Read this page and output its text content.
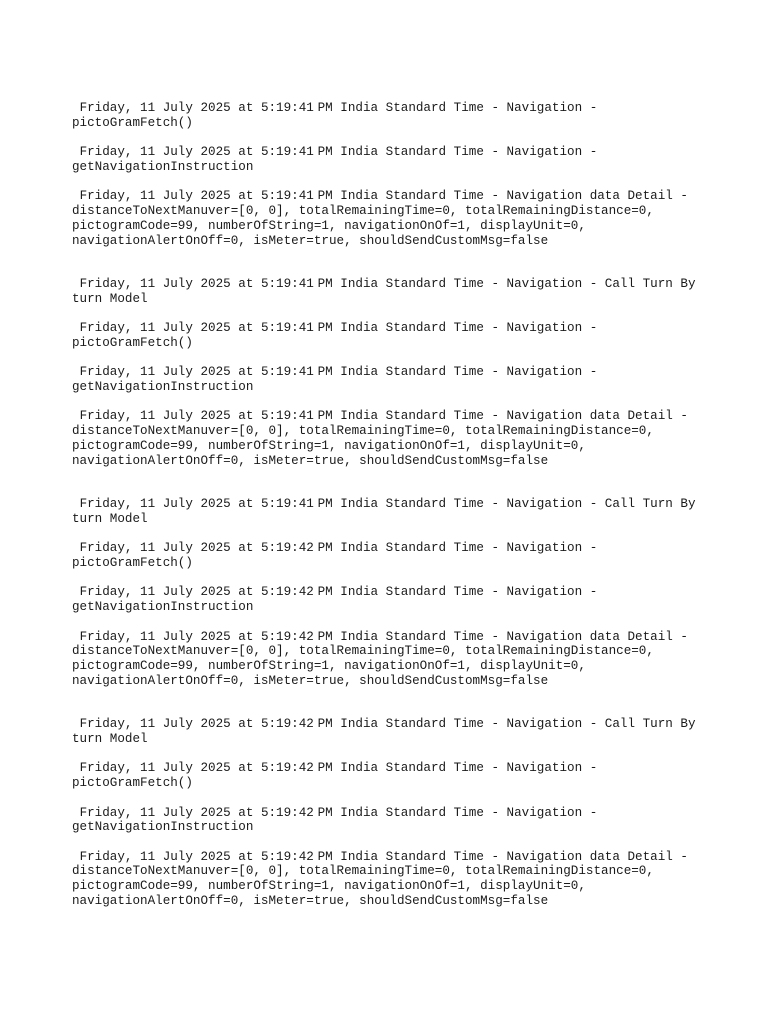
Friday, 11 July 2025 at 5:19:41 PM India Standard Time - Navigation - pictoGramFetch()
Friday, 11 July 2025 at 5:19:41 PM India Standard Time - Navigation - getNavigationInstruction
Friday, 11 July 2025 at 5:19:41 PM India Standard Time - Navigation data Detail - distanceToNextManuver=[0, 0], totalRemainingTime=0, totalRemainingDistance=0, pictogramCode=99, numberOfString=1, navigationOnOf=1, displayUnit=0, navigationAlertOnOff=0, isMeter=true, shouldSendCustomMsg=false
Friday, 11 July 2025 at 5:19:41 PM India Standard Time - Navigation - Call Turn By turn Model
Friday, 11 July 2025 at 5:19:41 PM India Standard Time - Navigation - pictoGramFetch()
Friday, 11 July 2025 at 5:19:41 PM India Standard Time - Navigation - getNavigationInstruction
Friday, 11 July 2025 at 5:19:41 PM India Standard Time - Navigation data Detail - distanceToNextManuver=[0, 0], totalRemainingTime=0, totalRemainingDistance=0, pictogramCode=99, numberOfString=1, navigationOnOf=1, displayUnit=0, navigationAlertOnOff=0, isMeter=true, shouldSendCustomMsg=false
Friday, 11 July 2025 at 5:19:41 PM India Standard Time - Navigation - Call Turn By turn Model
Friday, 11 July 2025 at 5:19:42 PM India Standard Time - Navigation - pictoGramFetch()
Friday, 11 July 2025 at 5:19:42 PM India Standard Time - Navigation - getNavigationInstruction
Friday, 11 July 2025 at 5:19:42 PM India Standard Time - Navigation data Detail - distanceToNextManuver=[0, 0], totalRemainingTime=0, totalRemainingDistance=0, pictogramCode=99, numberOfString=1, navigationOnOf=1, displayUnit=0, navigationAlertOnOff=0, isMeter=true, shouldSendCustomMsg=false
Friday, 11 July 2025 at 5:19:42 PM India Standard Time - Navigation - Call Turn By turn Model
Friday, 11 July 2025 at 5:19:42 PM India Standard Time - Navigation - pictoGramFetch()
Friday, 11 July 2025 at 5:19:42 PM India Standard Time - Navigation - getNavigationInstruction
Friday, 11 July 2025 at 5:19:42 PM India Standard Time - Navigation data Detail - distanceToNextManuver=[0, 0], totalRemainingTime=0, totalRemainingDistance=0, pictogramCode=99, numberOfString=1, navigationOnOf=1, displayUnit=0, navigationAlertOnOff=0, isMeter=true, shouldSendCustomMsg=false
